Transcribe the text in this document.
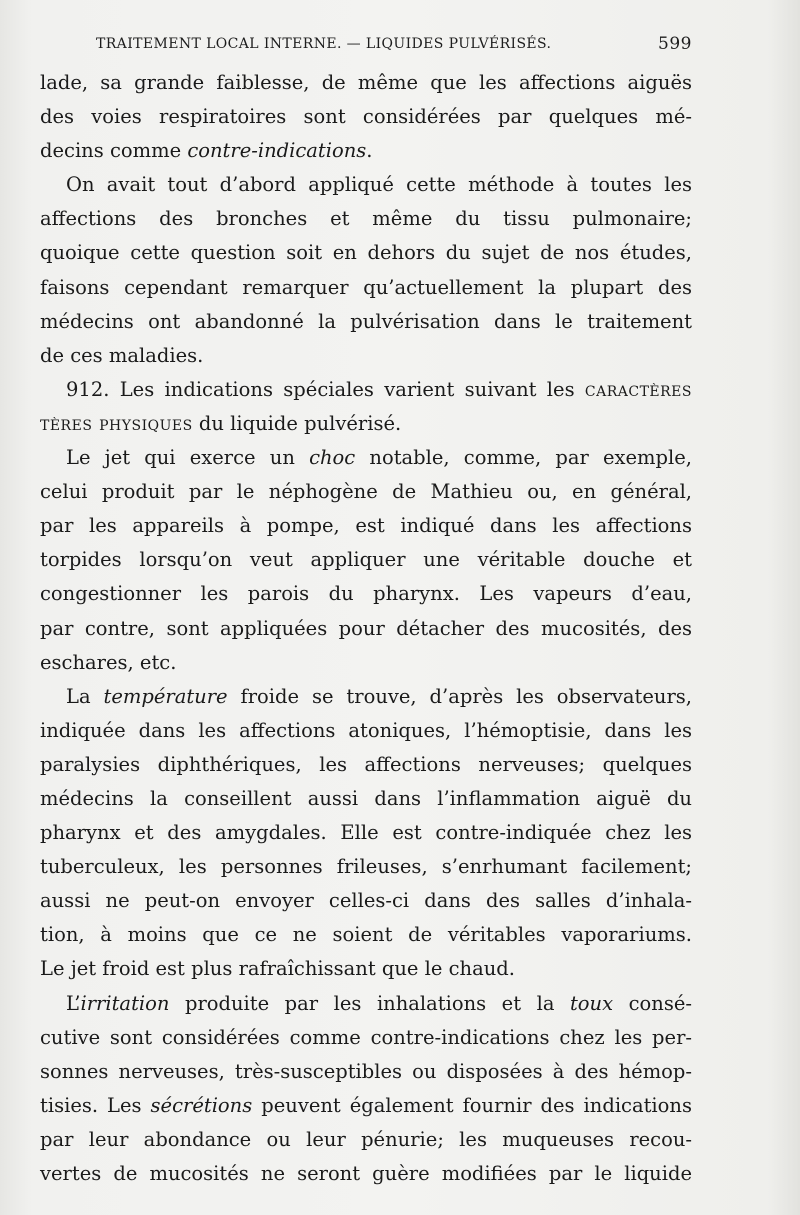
TRAITEMENT LOCAL INTERNE. — LIQUIDES PULVÉRISÉS.	599
lade, sa grande faiblesse, de même que les affections aiguës
des voies respiratoires sont considérées par quelques mé-
decins comme contre-indications.
On avait tout d’abord appliqué cette méthode à toutes les
affections des bronches et même du tissu pulmonaire;
quoique cette question soit en dehors du sujet de nos études,
faisons cependant remarquer qu’actuellement la plupart des
médecins ont abandonné la pulvérisation dans le traitement
de ces maladies.
912. Les indications spéciales varient suivant les caractères
tères physiques du liquide pulvérisé.
Le jet qui exerce un choc notable, comme, par exemple,
celui produit par le néphogène de Mathieu ou, en général,
par les appareils à pompe, est indiqué dans les affections
torpides lorsqu’on veut appliquer une véritable douche et
congestionner les parois du pharynx. Les vapeurs d’eau,
par contre, sont appliquées pour détacher des mucosités, des
eschares, etc.
La température froide se trouve, d’après les observateurs,
indiquée dans les affections atoniques, l’hémoptisie, dans les
paralysies diphthériques, les affections nerveuses; quelques
médecins la conseillent aussi dans l’inflammation aiguë du
pharynx et des amygdales. Elle est contre-indiquée chez les
tuberculeux, les personnes frileuses, s’enrhumant facilement;
aussi ne peut-on envoyer celles-ci dans des salles d’inhala-
tion, à moins que ce ne soient de véritables vaporariums.
Le jet froid est plus rafraîchissant que le chaud.
L’irritation produite par les inhalations et la toux consé-
cutive sont considérées comme contre-indications chez les per-
sonnes nerveuses, très-susceptibles ou disposées à des hémop-
tisies. Les sécrétions peuvent également fournir des indications
par leur abondance ou leur pénurie; les muqueuses recou-
vertes de mucosités ne seront guère modifiées par le liquide
